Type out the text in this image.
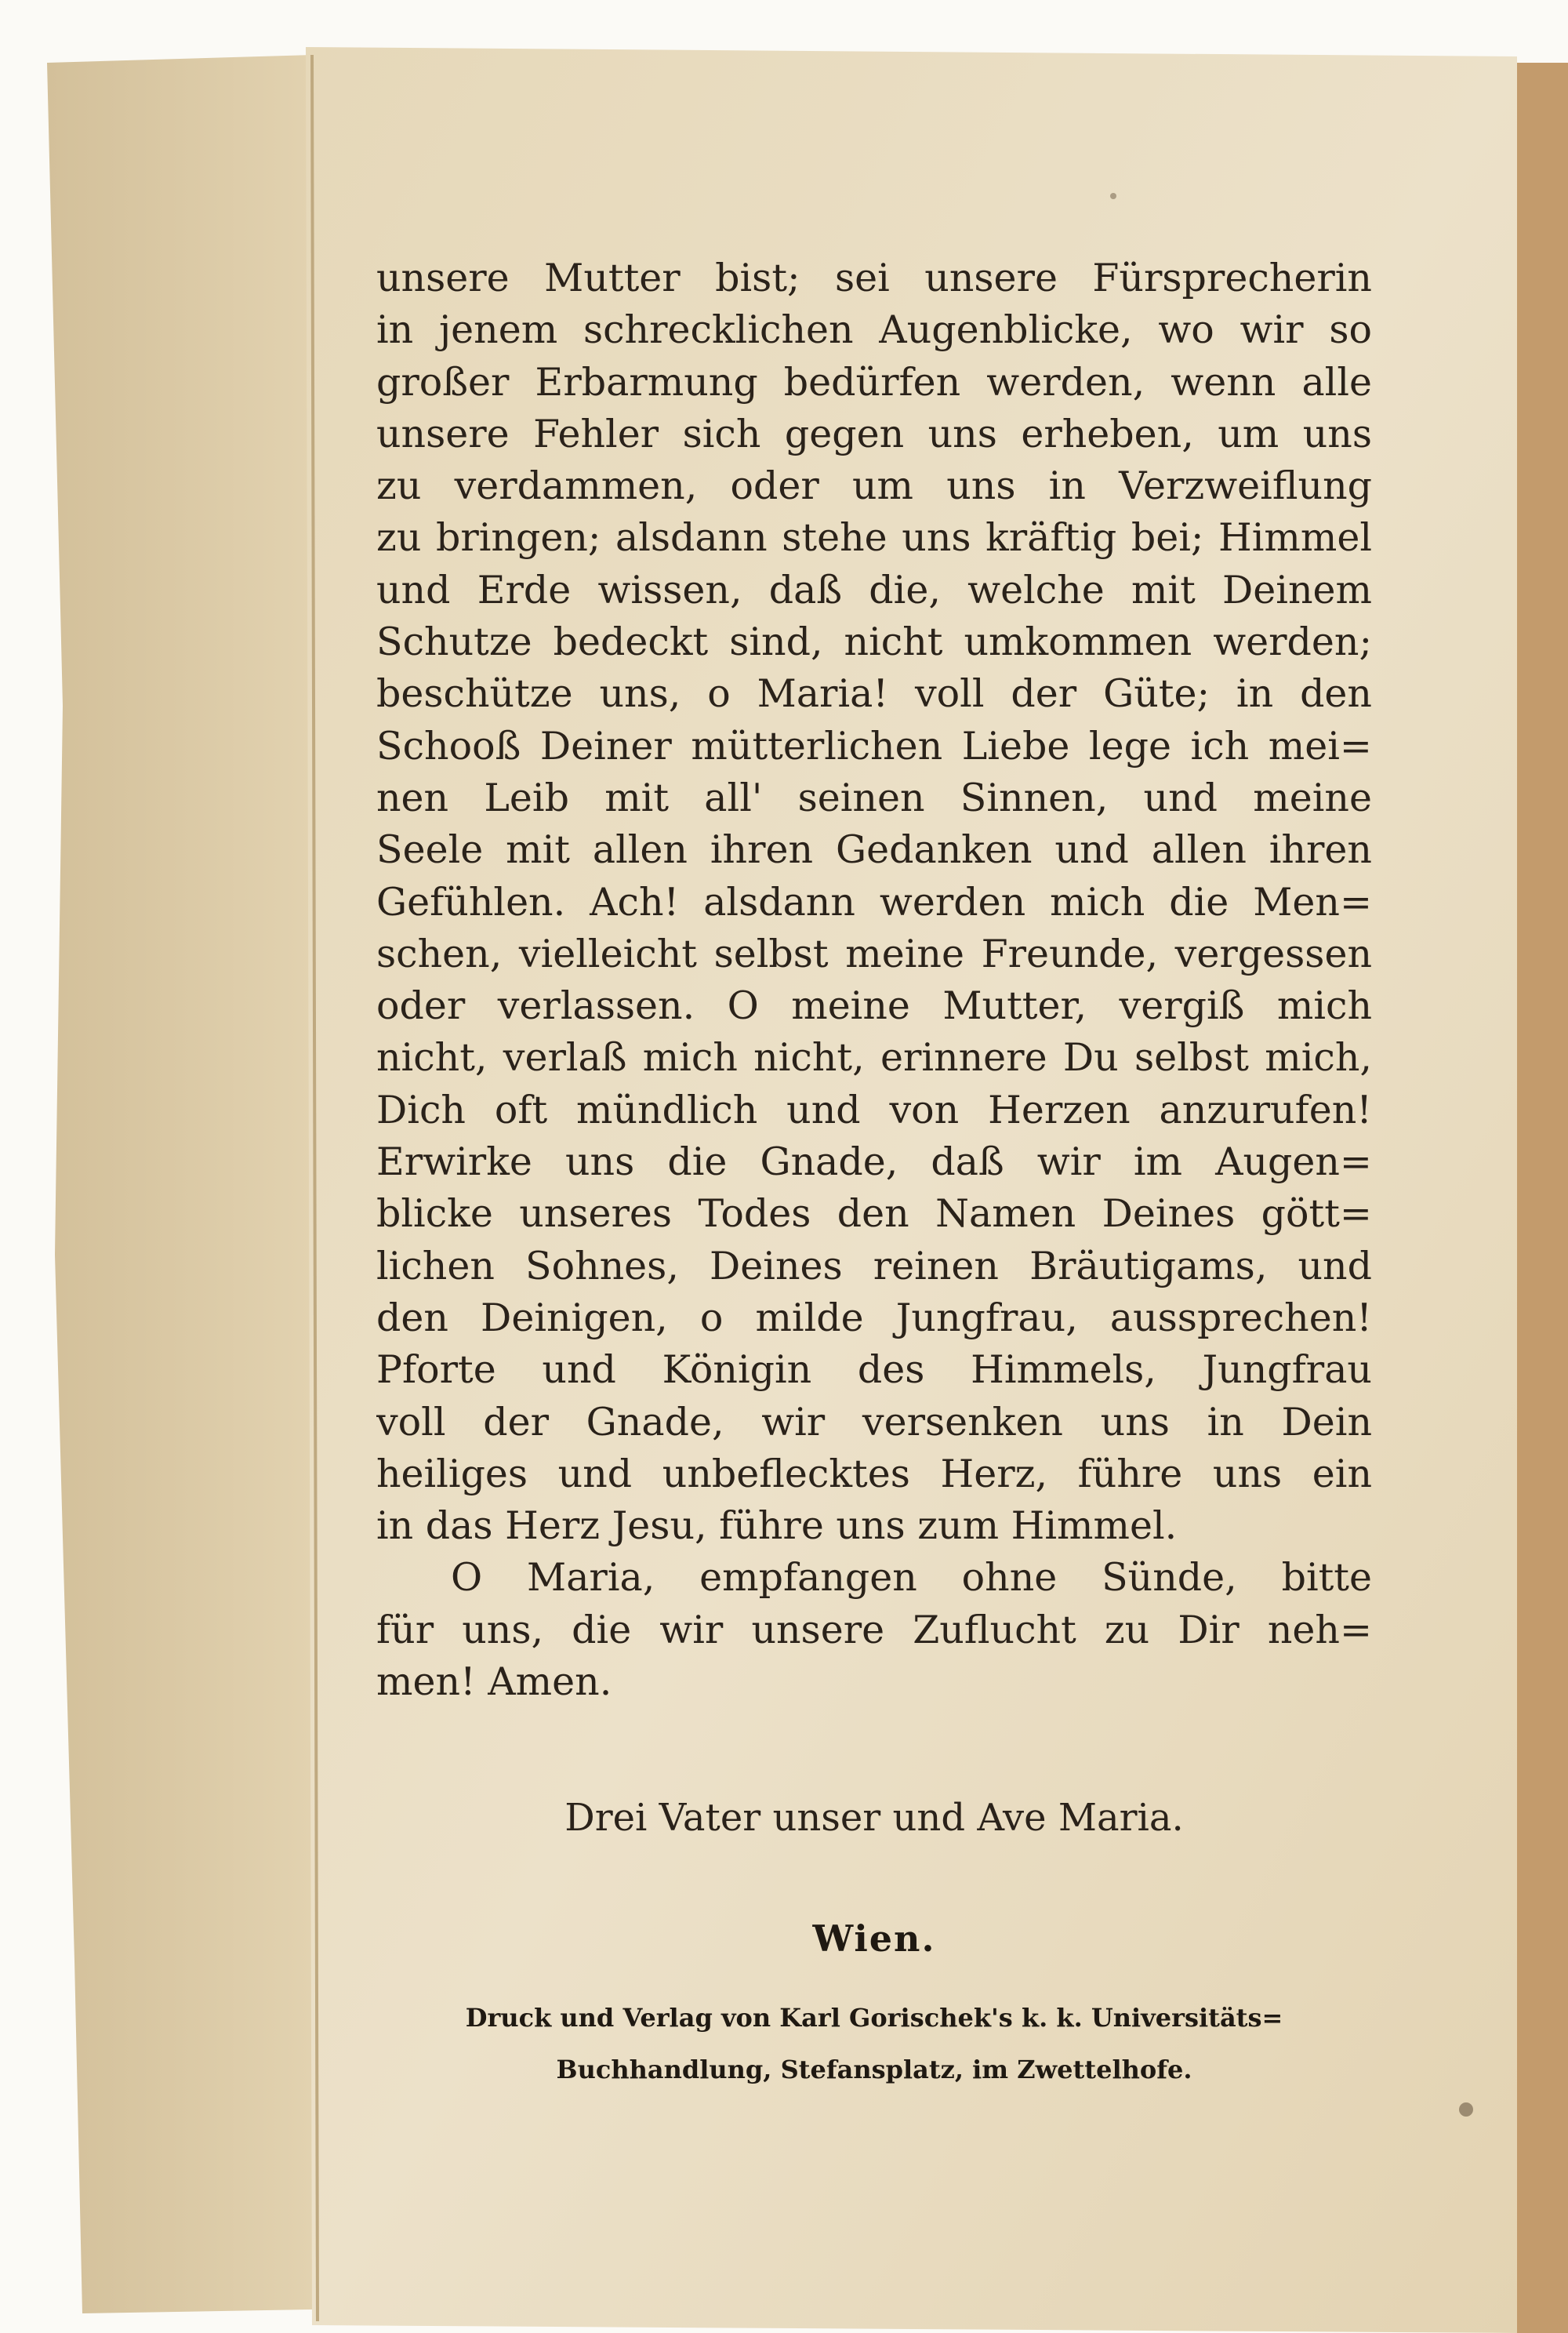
unsere Mutter bist; sei unsere Fürsprecherin
in jenem schrecklichen Augenblicke, wo wir so
großer Erbarmung bedürfen werden, wenn alle
unsere Fehler sich gegen uns erheben, um uns
zu verdammen, oder um uns in Verzweiflung
zu bringen; alsdann stehe uns kräftig bei; Himmel
und Erde wissen, daß die, welche mit Deinem
Schutze bedeckt sind, nicht umkommen werden;
beschütze uns, o Maria! voll der Güte; in den
Schooß Deiner mütterlichen Liebe lege ich mei=
nen Leib mit all' seinen Sinnen, und meine
Seele mit allen ihren Gedanken und allen ihren
Gefühlen. Ach! alsdann werden mich die Men=
schen, vielleicht selbst meine Freunde, vergessen
oder verlassen. O meine Mutter, vergiß mich
nicht, verlaß mich nicht, erinnere Du selbst mich,
Dich oft mündlich und von Herzen anzurufen!
Erwirke uns die Gnade, daß wir im Augen=
blicke unseres Todes den Namen Deines gött=
lichen Sohnes, Deines reinen Bräutigams, und
den Deinigen, o milde Jungfrau, aussprechen!
Pforte und Königin des Himmels, Jungfrau
voll der Gnade, wir versenken uns in Dein
heiliges und unbeflecktes Herz, führe uns ein
in das Herz Jesu, führe uns zum Himmel.
O Maria, empfangen ohne Sünde, bitte
für uns, die wir unsere Zuflucht zu Dir neh=
men! Amen.
Drei Vater unser und Ave Maria.
Wien.
Druck und Verlag von Karl Gorischek's k. k. Universitäts=
Buchhandlung, Stefansplatz, im Zwettelhofe.
